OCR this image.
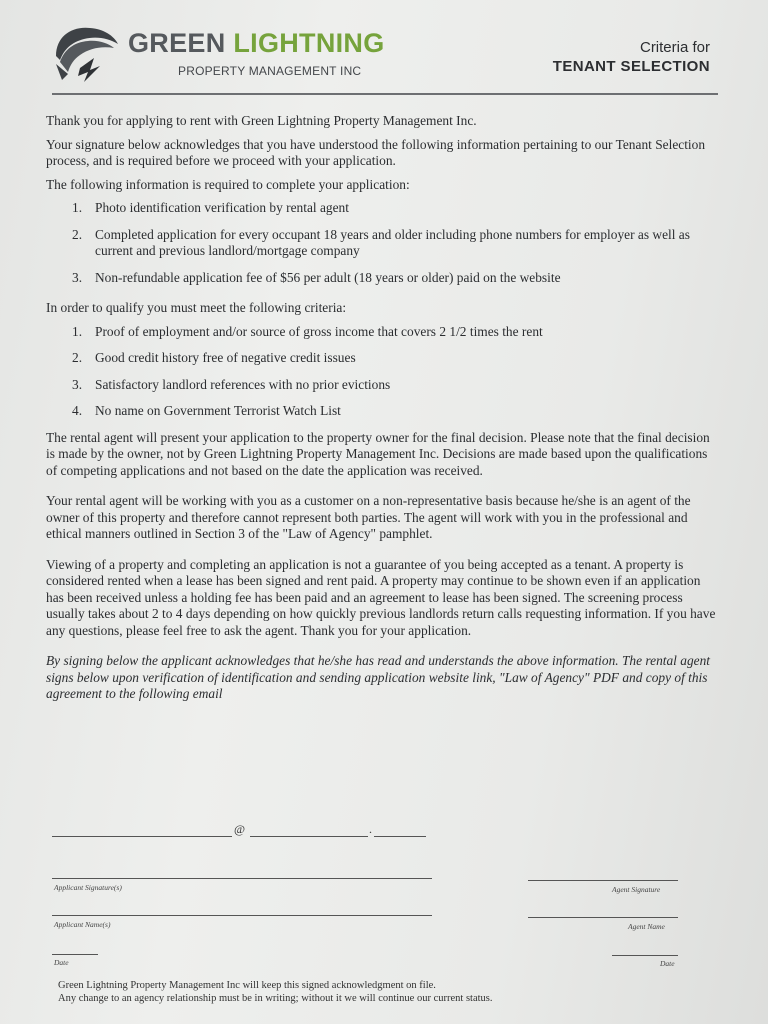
GREEN LIGHTNING
PROPERTY MANAGEMENT INC
Criteria for
TENANT SELECTION

Thank you for applying to rent with Green Lightning Property Management Inc.

Your signature below acknowledges that you have understood the following information pertaining to our Tenant Selection process, and is required before we proceed with your application.

The following information is required to complete your application:

1. Photo identification verification by rental agent
2. Completed application for every occupant 18 years and older including phone numbers for employer as well as current and previous landlord/mortgage company
3. Non-refundable application fee of $56 per adult (18 years or older) paid on the website

In order to qualify you must meet the following criteria:

1. Proof of employment and/or source of gross income that covers 2 1/2 times the rent
2. Good credit history free of negative credit issues
3. Satisfactory landlord references with no prior evictions
4. No name on Government Terrorist Watch List

The rental agent will present your application to the property owner for the final decision. Please note that the final decision is made by the owner, not by Green Lightning Property Management Inc. Decisions are made based upon the qualifications of competing applications and not based on the date the application was received.

Your rental agent will be working with you as a customer on a non-representative basis because he/she is an agent of the owner of this property and therefore cannot represent both parties. The agent will work with you in the professional and ethical manners outlined in Section 3 of the "Law of Agency" pamphlet.

Viewing of a property and completing an application is not a guarantee of you being accepted as a tenant. A property is considered rented when a lease has been signed and rent paid. A property may continue to be shown even if an application has been received unless a holding fee has been paid and an agreement to lease has been signed. The screening process usually takes about 2 to 4 days depending on how quickly previous landlords return calls requesting information. If you have any questions, please feel free to ask the agent. Thank you for your application.

By signing below the applicant acknowledges that he/she has read and understands the above information. The rental agent signs below upon verification of identification and sending application website link, "Law of Agency" PDF and copy of this agreement to the following email

@	.
Applicant Signature(s)
Applicant Name(s)
Date
Agent Signature
Agent Name
Date
Green Lightning Property Management Inc will keep this signed acknowledgment on file.
Any change to an agency relationship must be in writing; without it we will continue our current status.
